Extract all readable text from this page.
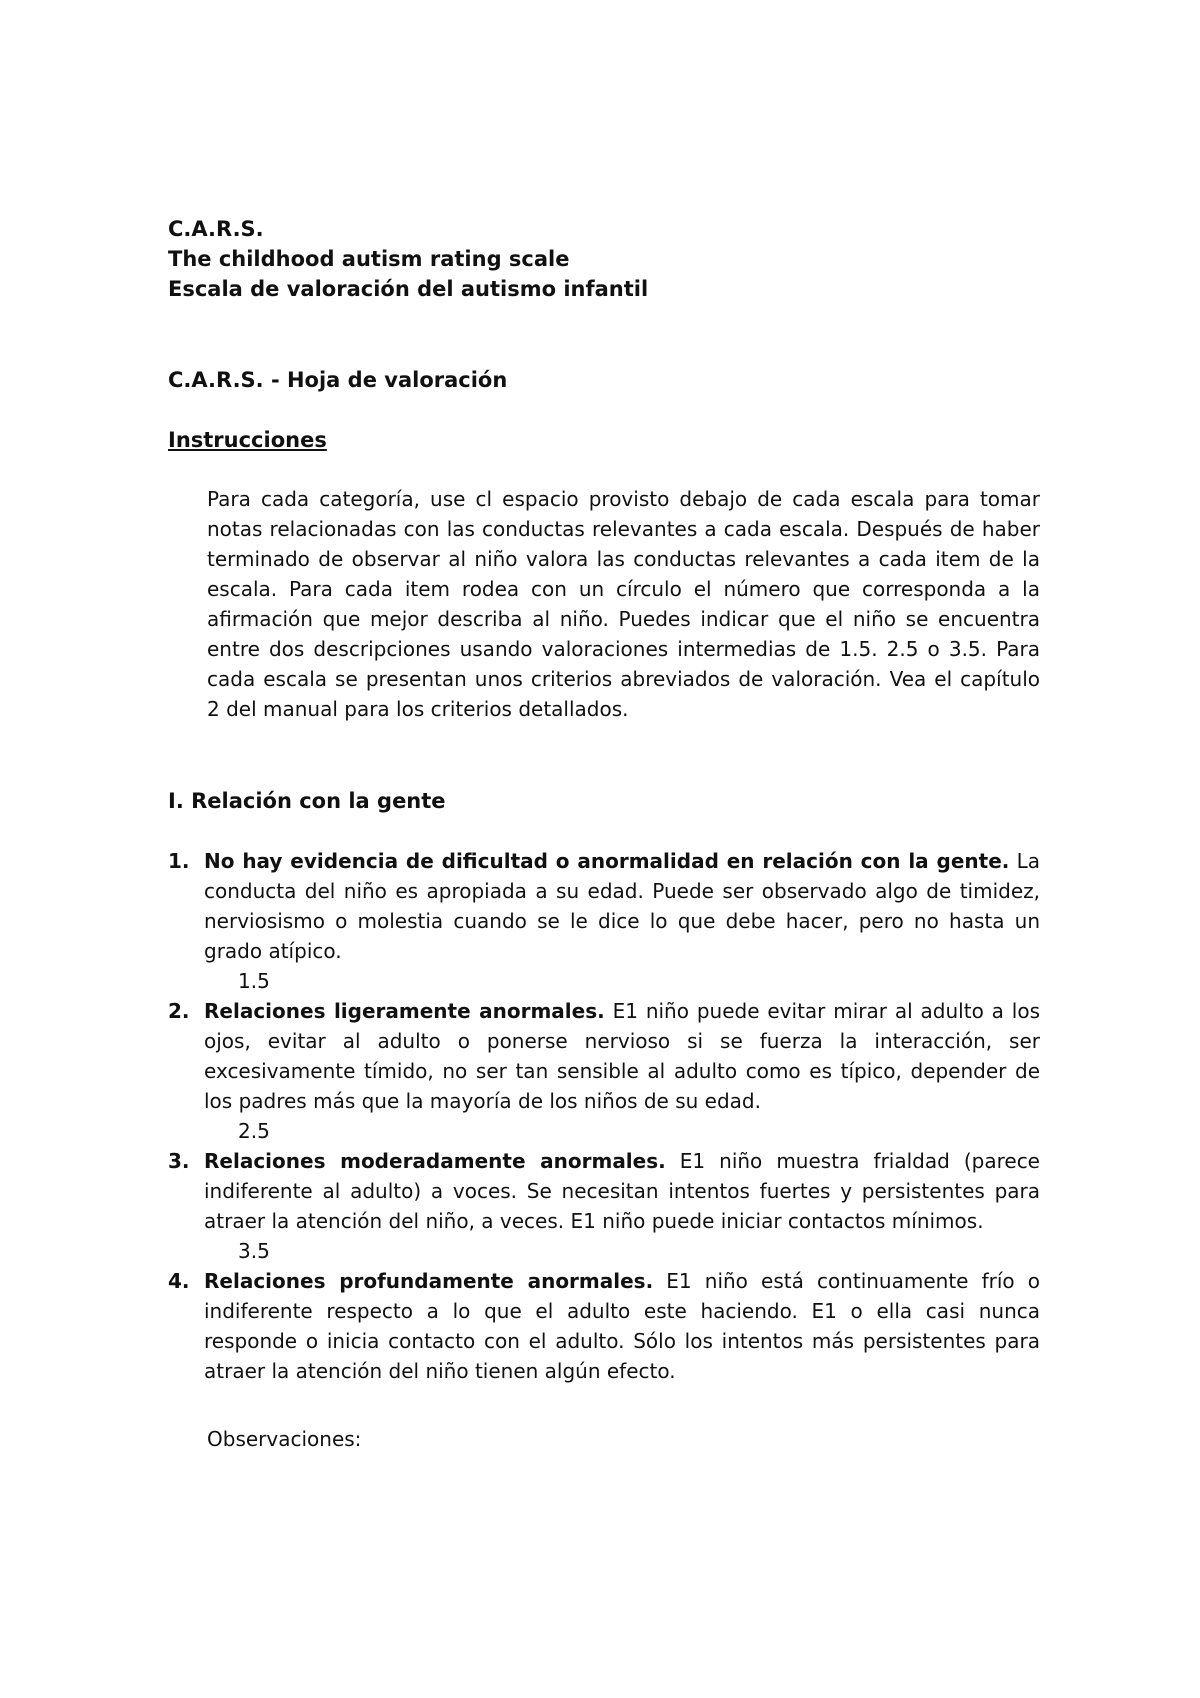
C.A.R.S.
The childhood autism rating scale
Escala de valoración del autismo infantil
C.A.R.S. - Hoja de valoración
Instrucciones
Para cada categoría, use cl espacio provisto debajo de cada escala para tomar notas relacionadas con las conductas relevantes a cada escala. Después de haber terminado de observar al niño valora las conductas relevantes a cada item de la escala. Para cada item rodea con un círculo el número que corresponda a la afirmación que mejor describa al niño. Puedes indicar que el niño se encuentra entre dos descripciones usando valoraciones intermedias de 1.5. 2.5 o 3.5. Para cada escala se presentan unos criterios abreviados de valoración. Vea el capítulo 2 del manual para los criterios detallados.
I. Relación con la gente
1. No hay evidencia de dificultad o anormalidad en relación con la gente. La conducta del niño es apropiada a su edad. Puede ser observado algo de timidez, nerviosismo o molestia cuando se le dice lo que debe hacer, pero no hasta un grado atípico.
1.5
2. Relaciones ligeramente anormales. E1 niño puede evitar mirar al adulto a los ojos, evitar al adulto o ponerse nervioso si se fuerza la interacción, ser excesivamente tímido, no ser tan sensible al adulto como es típico, depender de los padres más que la mayoría de los niños de su edad.
2.5
3. Relaciones moderadamente anormales. E1 niño muestra frialdad (parece indiferente al adulto) a voces. Se necesitan intentos fuertes y persistentes para atraer la atención del niño, a veces. E1 niño puede iniciar contactos mínimos.
3.5
4. Relaciones profundamente anormales. E1 niño está continuamente frío o indiferente respecto a lo que el adulto este haciendo. E1 o ella casi nunca responde o inicia contacto con el adulto. Sólo los intentos más persistentes para atraer la atención del niño tienen algún efecto.
Observaciones:
